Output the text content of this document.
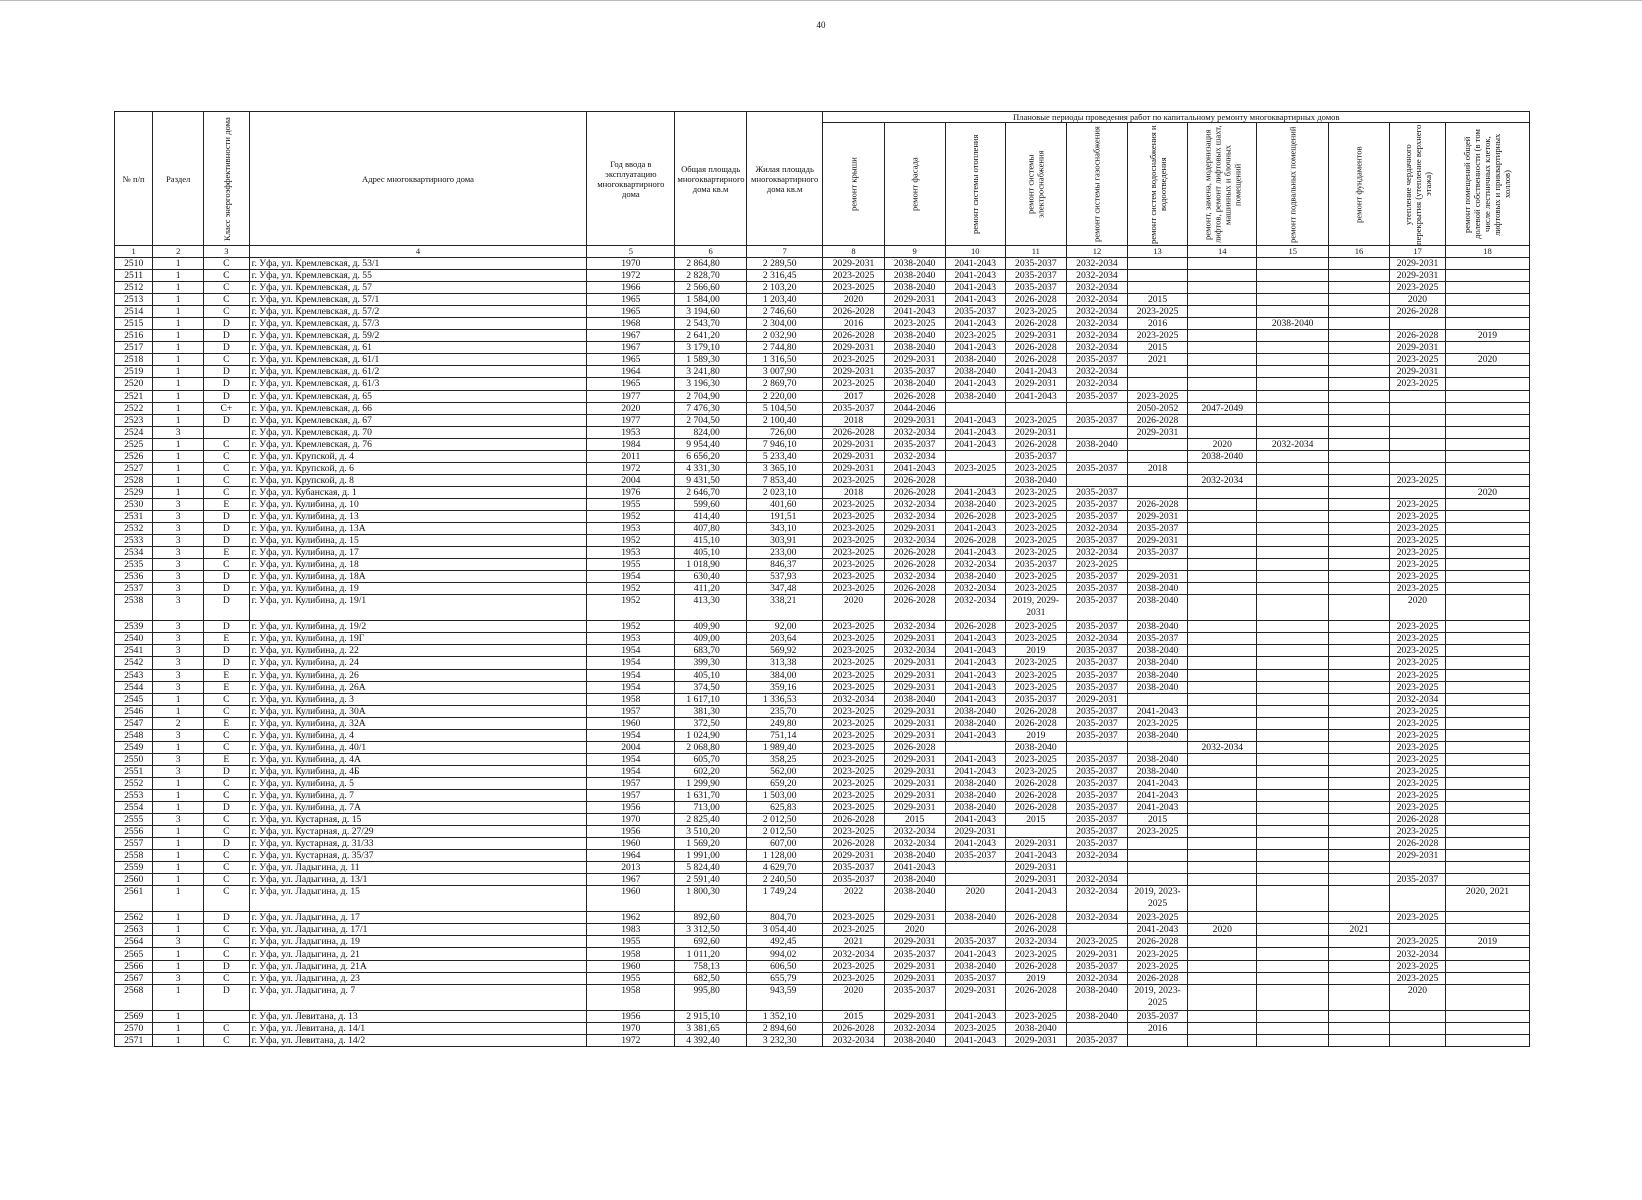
40
№ п/п	Раздел	Класс энергоэффективности дома	Адрес многоквартирного дома	Год ввода в эксплуатацию многоквартирного дома	Общая площадь многоквартирного дома кв.м	Жилая площадь многоквартирного дома кв.м	Плановые периоды проведения работ по капитальному ремонту многоквартирных домов										
							ремонт крыши	ремонт фасада	ремонт системы отопления	ремонт системы электроснабжения	ремонт системы газоснабжения	ремонт систем водоснабжения и водоотведения	ремонт, замена, модернизация лифтов, ремонт лифтовых шахт, машинных и блочных помещений	ремонт подвальных помещений	ремонт фундаментов	утепление чердачного перекрытия (утепление верхнего этажа)	ремонт помещений общей долевой собственности (в том числе лестничных клеток, лифтовых и приквартирных холлов)
1	2	3	4	5	6	7	8	9	10	11	12	13	14	15	16	17	18
2510	1	C	г. Уфа, ул. Кремлевская, д. 53/1	1970	2 864,80	2 289,50	2029-2031	2038-2040	2041-2043	2035-2037	2032-2034					2029-2031	
2511	1	C	г. Уфа, ул. Кремлевская, д. 55	1972	2 828,70	2 316,45	2023-2025	2038-2040	2041-2043	2035-2037	2032-2034					2029-2031	
2512	1	C	г. Уфа, ул. Кремлевская, д. 57	1966	2 566,60	2 103,20	2023-2025	2038-2040	2041-2043	2035-2037	2032-2034					2023-2025	
2513	1	C	г. Уфа, ул. Кремлевская, д. 57/1	1965	1 584,00	1 203,40	2020	2029-2031	2041-2043	2026-2028	2032-2034	2015				2020	
2514	1	C	г. Уфа, ул. Кремлевская, д. 57/2	1965	3 194,60	2 746,60	2026-2028	2041-2043	2035-2037	2023-2025	2032-2034	2023-2025				2026-2028	
2515	1	D	г. Уфа, ул. Кремлевская, д. 57/3	1968	2 543,70	2 304,00	2016	2023-2025	2041-2043	2026-2028	2032-2034	2016		2038-2040			
2516	1	D	г. Уфа, ул. Кремлевская, д. 59/2	1967	2 641,20	2 032,90	2026-2028	2038-2040	2023-2025	2029-2031	2032-2034	2023-2025				2026-2028	2019
2517	1	D	г. Уфа, ул. Кремлевская, д. 61	1967	3 179,10	2 744,80	2029-2031	2038-2040	2041-2043	2026-2028	2032-2034	2015				2029-2031	
2518	1	C	г. Уфа, ул. Кремлевская, д. 61/1	1965	1 589,30	1 316,50	2023-2025	2029-2031	2038-2040	2026-2028	2035-2037	2021				2023-2025	2020
2519	1	D	г. Уфа, ул. Кремлевская, д. 61/2	1964	3 241,80	3 007,90	2029-2031	2035-2037	2038-2040	2041-2043	2032-2034					2029-2031	
2520	1	D	г. Уфа, ул. Кремлевская, д. 61/3	1965	3 196,30	2 869,70	2023-2025	2038-2040	2041-2043	2029-2031	2032-2034					2023-2025	
2521	1	D	г. Уфа, ул. Кремлевская, д. 65	1977	2 704,90	2 220,00	2017	2026-2028	2038-2040	2041-2043	2035-2037	2023-2025					
2522	1	C+	г. Уфа, ул. Кремлевская, д. 66	2020	7 476,30	5 104,50	2035-2037	2044-2046				2050-2052	2047-2049				
2523	1	D	г. Уфа, ул. Кремлевская, д. 67	1977	2 704,50	2 100,40	2018	2029-2031	2041-2043	2023-2025	2035-2037	2026-2028					
2524	3		г. Уфа, ул. Кремлевская, д. 70	1953	824,00	726,00	2026-2028	2032-2034	2041-2043	2029-2031		2029-2031					
2525	1	C	г. Уфа, ул. Кремлевская, д. 76	1984	9 954,40	7 946,10	2029-2031	2035-2037	2041-2043	2026-2028	2038-2040		2020	2032-2034			
2526	1	C	г. Уфа, ул. Крупской, д. 4	2011	6 656,20	5 233,40	2029-2031	2032-2034		2035-2037			2038-2040				
2527	1	C	г. Уфа, ул. Крупской, д. 6	1972	4 331,30	3 365,10	2029-2031	2041-2043	2023-2025	2023-2025	2035-2037	2018					
2528	1	C	г. Уфа, ул. Крупской, д. 8	2004	9 431,50	7 853,40	2023-2025	2026-2028		2038-2040			2032-2034			2023-2025	
2529	1	C	г. Уфа, ул. Кубанская, д. 1	1976	2 646,70	2 023,10	2018	2026-2028	2041-2043	2023-2025	2035-2037						2020
2530	3	E	г. Уфа, ул. Кулибина, д. 10	1955	599,60	401,60	2023-2025	2032-2034	2038-2040	2023-2025	2035-2037	2026-2028				2023-2025	
2531	3	D	г. Уфа, ул. Кулибина, д. 13	1952	414,40	191,51	2023-2025	2032-2034	2026-2028	2023-2025	2035-2037	2029-2031				2023-2025	
2532	3	D	г. Уфа, ул. Кулибина, д. 13А	1953	407,80	343,10	2023-2025	2029-2031	2041-2043	2023-2025	2032-2034	2035-2037				2023-2025	
2533	3	D	г. Уфа, ул. Кулибина, д. 15	1952	415,10	303,91	2023-2025	2032-2034	2026-2028	2023-2025	2035-2037	2029-2031				2023-2025	
2534	3	E	г. Уфа, ул. Кулибина, д. 17	1953	405,10	233,00	2023-2025	2026-2028	2041-2043	2023-2025	2032-2034	2035-2037				2023-2025	
2535	3	C	г. Уфа, ул. Кулибина, д. 18	1955	1 018,90	846,37	2023-2025	2026-2028	2032-2034	2035-2037	2023-2025					2023-2025	
2536	3	D	г. Уфа, ул. Кулибина, д. 18А	1954	630,40	537,93	2023-2025	2032-2034	2038-2040	2023-2025	2035-2037	2029-2031				2023-2025	
2537	3	D	г. Уфа, ул. Кулибина, д. 19	1952	411,20	347,48	2023-2025	2026-2028	2032-2034	2023-2025	2035-2037	2038-2040				2023-2025	
2538	3	D	г. Уфа, ул. Кулибина, д. 19/1	1952	413,30	338,21	2020	2026-2028	2032-2034	2019, 2029-2031	2035-2037	2038-2040				2020	
2539	3	D	г. Уфа, ул. Кулибина, д. 19/2	1952	409,90	92,00	2023-2025	2032-2034	2026-2028	2023-2025	2035-2037	2038-2040				2023-2025	
2540	3	E	г. Уфа, ул. Кулибина, д. 19Г	1953	409,00	203,64	2023-2025	2029-2031	2041-2043	2023-2025	2032-2034	2035-2037				2023-2025	
2541	3	D	г. Уфа, ул. Кулибина, д. 22	1954	683,70	569,92	2023-2025	2032-2034	2041-2043	2019	2035-2037	2038-2040				2023-2025	
2542	3	D	г. Уфа, ул. Кулибина, д. 24	1954	399,30	313,38	2023-2025	2029-2031	2041-2043	2023-2025	2035-2037	2038-2040				2023-2025	
2543	3	E	г. Уфа, ул. Кулибина, д. 26	1954	405,10	384,00	2023-2025	2029-2031	2041-2043	2023-2025	2035-2037	2038-2040				2023-2025	
2544	3	E	г. Уфа, ул. Кулибина, д. 26А	1954	374,50	359,16	2023-2025	2029-2031	2041-2043	2023-2025	2035-2037	2038-2040				2023-2025	
2545	1	C	г. Уфа, ул. Кулибина, д. 3	1958	1 617,10	1 336,53	2032-2034	2038-2040	2041-2043	2035-2037	2029-2031					2032-2034	
2546	1	C	г. Уфа, ул. Кулибина, д. 30А	1957	381,30	235,70	2023-2025	2029-2031	2038-2040	2026-2028	2035-2037	2041-2043				2023-2025	
2547	2	E	г. Уфа, ул. Кулибина, д. 32А	1960	372,50	249,80	2023-2025	2029-2031	2038-2040	2026-2028	2035-2037	2023-2025				2023-2025	
2548	3	C	г. Уфа, ул. Кулибина, д. 4	1954	1 024,90	751,14	2023-2025	2029-2031	2041-2043	2019	2035-2037	2038-2040				2023-2025	
2549	1	C	г. Уфа, ул. Кулибина, д. 40/1	2004	2 068,80	1 989,40	2023-2025	2026-2028		2038-2040			2032-2034			2023-2025	
2550	3	E	г. Уфа, ул. Кулибина, д. 4А	1954	605,70	358,25	2023-2025	2029-2031	2041-2043	2023-2025	2035-2037	2038-2040				2023-2025	
2551	3	D	г. Уфа, ул. Кулибина, д. 4Б	1954	602,20	562,00	2023-2025	2029-2031	2041-2043	2023-2025	2035-2037	2038-2040				2023-2025	
2552	1	C	г. Уфа, ул. Кулибина, д. 5	1957	1 299,90	659,20	2023-2025	2029-2031	2038-2040	2026-2028	2035-2037	2041-2043				2023-2025	
2553	1	C	г. Уфа, ул. Кулибина, д. 7	1957	1 631,70	1 503,00	2023-2025	2029-2031	2038-2040	2026-2028	2035-2037	2041-2043				2023-2025	
2554	1	D	г. Уфа, ул. Кулибина, д. 7А	1956	713,00	625,83	2023-2025	2029-2031	2038-2040	2026-2028	2035-2037	2041-2043				2023-2025	
2555	3	C	г. Уфа, ул. Кустарная, д. 15	1970	2 825,40	2 012,50	2026-2028	2015	2041-2043	2015	2035-2037	2015				2026-2028	
2556	1	C	г. Уфа, ул. Кустарная, д. 27/29	1956	3 510,20	2 012,50	2023-2025	2032-2034	2029-2031		2035-2037	2023-2025				2023-2025	
2557	1	D	г. Уфа, ул. Кустарная, д. 31/33	1960	1 569,20	607,00	2026-2028	2032-2034	2041-2043	2029-2031	2035-2037					2026-2028	
2558	1	C	г. Уфа, ул. Кустарная, д. 35/37	1964	1 991,00	1 128,00	2029-2031	2038-2040	2035-2037	2041-2043	2032-2034					2029-2031	
2559	1	C	г. Уфа, ул. Ладыгина, д. 11	2013	5 824,40	4 629,70	2035-2037	2041-2043		2029-2031							
2560	1	C	г. Уфа, ул. Ладыгина, д. 13/1	1967	2 591,40	2 240,50	2035-2037	2038-2040		2029-2031	2032-2034					2035-2037	
2561	1	C	г. Уфа, ул. Ладыгина, д. 15	1960	1 800,30	1 749,24	2022	2038-2040	2020	2041-2043	2032-2034	2019, 2023-2025					2020, 2021
2562	1	D	г. Уфа, ул. Ладыгина, д. 17	1962	892,60	804,70	2023-2025	2029-2031	2038-2040	2026-2028	2032-2034	2023-2025				2023-2025	
2563	1	C	г. Уфа, ул. Ладыгина, д. 17/1	1983	3 312,50	3 054,40	2023-2025	2020		2026-2028		2041-2043	2020		2021		
2564	3	C	г. Уфа, ул. Ладыгина, д. 19	1955	692,60	492,45	2021	2029-2031	2035-2037	2032-2034	2023-2025	2026-2028				2023-2025	2019
2565	1	C	г. Уфа, ул. Ладыгина, д. 21	1958	1 011,20	994,02	2032-2034	2035-2037	2041-2043	2023-2025	2029-2031	2023-2025				2032-2034	
2566	1	D	г. Уфа, ул. Ладыгина, д. 21А	1960	758,13	606,50	2023-2025	2029-2031	2038-2040	2026-2028	2035-2037	2023-2025				2023-2025	
2567	3	C	г. Уфа, ул. Ладыгина, д. 23	1955	682,50	655,79	2023-2025	2029-2031	2035-2037	2019	2032-2034	2026-2028				2023-2025	
2568	1	D	г. Уфа, ул. Ладыгина, д. 7	1958	995,80	943,59	2020	2035-2037	2029-2031	2026-2028	2038-2040	2019, 2023-2025				2020	
2569	1		г. Уфа, ул. Левитана, д. 13	1956	2 915,10	1 352,10	2015	2029-2031	2041-2043	2023-2025	2038-2040	2035-2037					
2570	1	C	г. Уфа, ул. Левитана, д. 14/1	1970	3 381,65	2 894,60	2026-2028	2032-2034	2023-2025	2038-2040		2016					
2571	1	C	г. Уфа, ул. Левитана, д. 14/2	1972	4 392,40	3 232,30	2032-2034	2038-2040	2041-2043	2029-2031	2035-2037						
